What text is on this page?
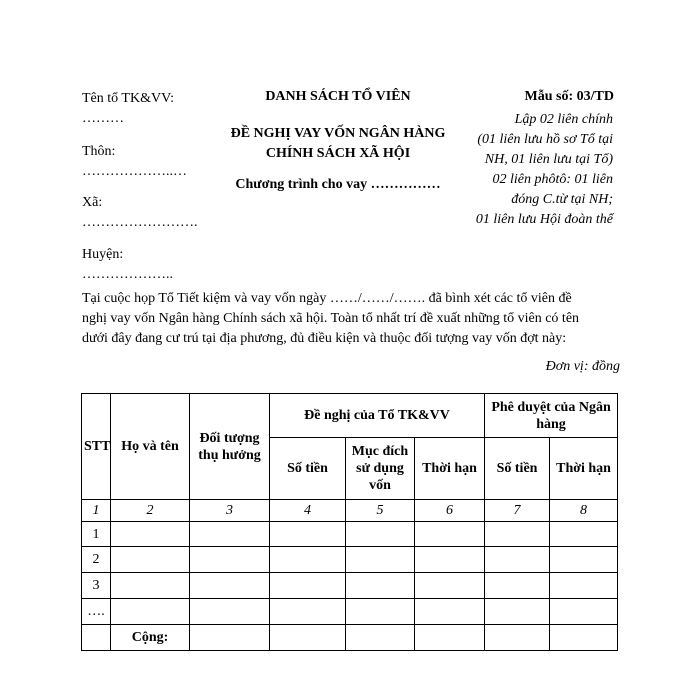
Tên tổ TK&VV:
………
Thôn:
………………..…
Xã:
…………………….
Huyện:
………………..
DANH SÁCH TỔ VIÊN
ĐỀ NGHỊ VAY VỐN NGÂN HÀNG
CHÍNH SÁCH XÃ HỘI
Chương trình cho vay ……………
Mẫu số: 03/TD
Lập 02 liên chính
(01 liên lưu hồ sơ Tổ tại
NH, 01 liên lưu tại Tổ)
02 liên phôtô: 01 liên
đóng C.từ tại NH;
01 liên lưu Hội đoàn thể
Tại cuộc họp Tổ Tiết kiệm và vay vốn ngày ……/……/……. đã bình xét các tổ viên đề
nghị vay vốn Ngân hàng Chính sách xã hội. Toàn tổ nhất trí đề xuất những tổ viên có tên
dưới đây đang cư trú tại địa phương, đủ điều kiện và thuộc đối tượng vay vốn đợt này:
Đơn vị: đồng
STT	Họ và tên	Đối tượng thụ hưởng	Đề nghị của Tổ TK&VV			Phê duyệt của Ngân hàng	
			Số tiền	Mục đích sử dụng vốn	Thời hạn	Số tiền	Thời hạn
1	2	3	4	5	6	7	8
1							
2							
3							
….							
	Cộng:						
